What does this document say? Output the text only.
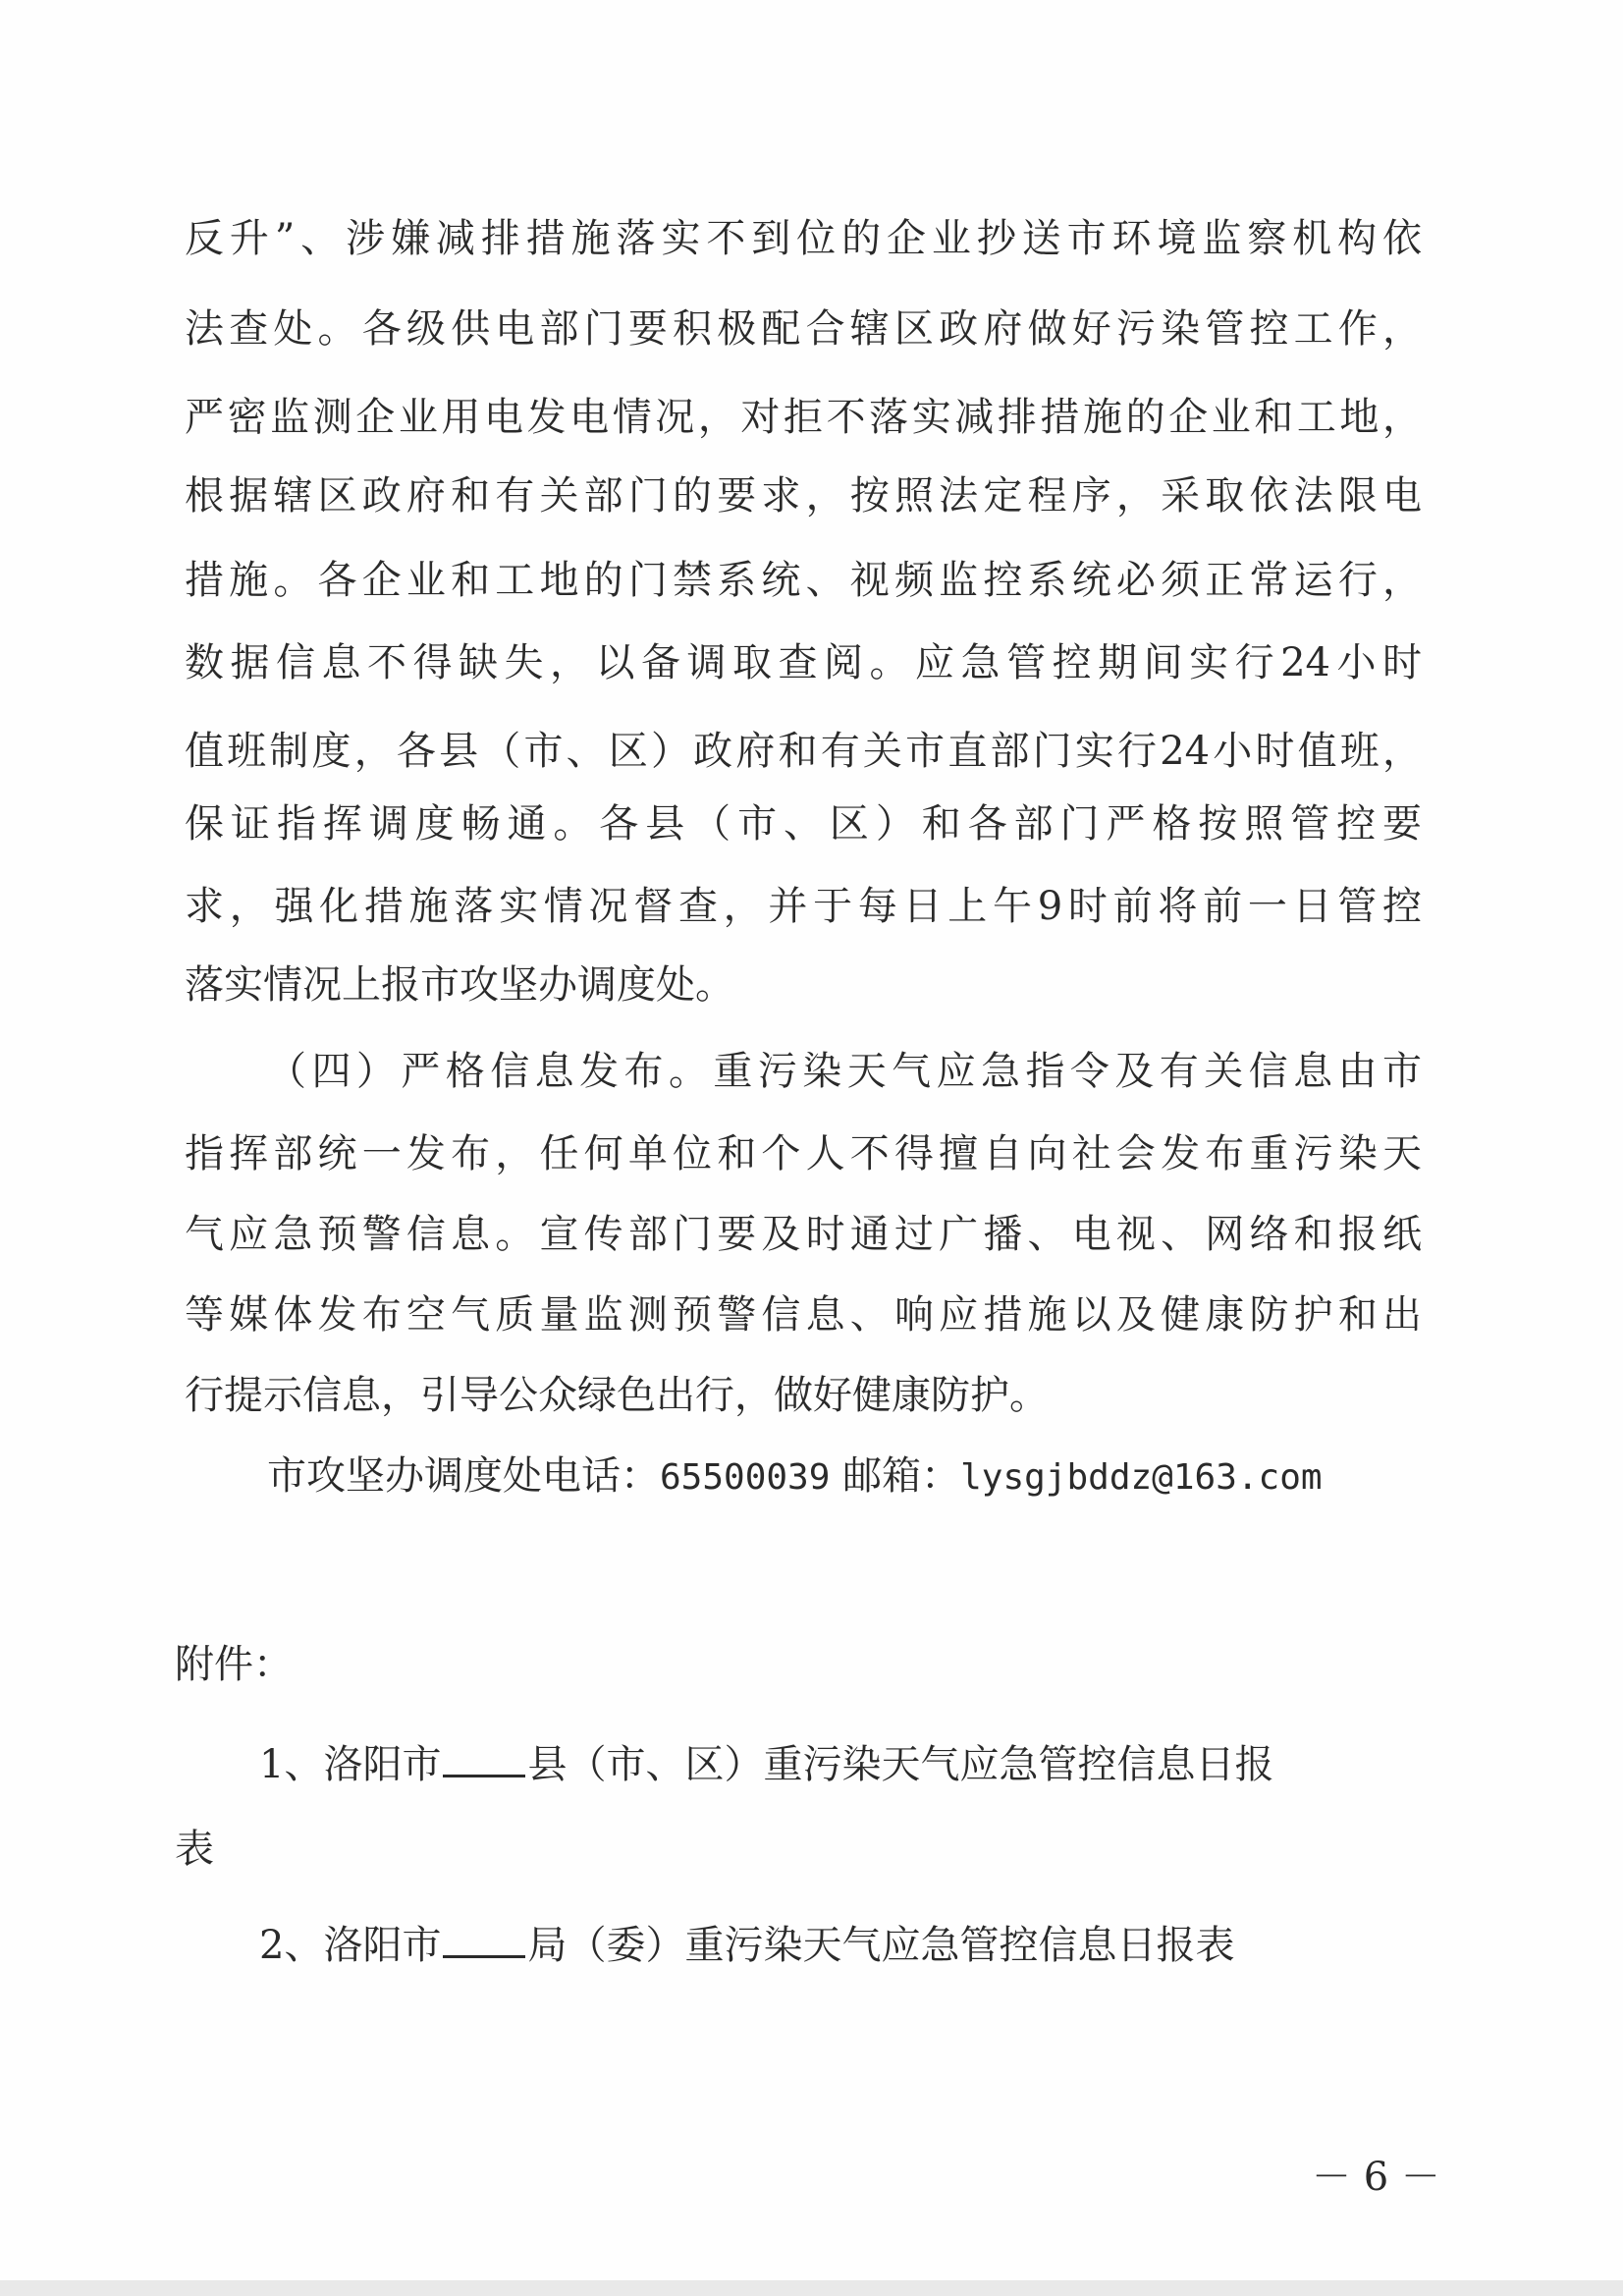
反升”、涉嫌减排措施落实不到位的企业抄送市环境监察机构依
法查处。各级供电部门要积极配合辖区政府做好污染管控工作，
严密监测企业用电发电情况，对拒不落实减排措施的企业和工地，
根据辖区政府和有关部门的要求，按照法定程序，采取依法限电
措施。各企业和工地的门禁系统、视频监控系统必须正常运行，
数据信息不得缺失，以备调取查阅。应急管控期间实行24小时
值班制度，各县（市、区）政府和有关市直部门实行24小时值班，
保证指挥调度畅通。各县（市、区）和各部门严格按照管控要
求，强化措施落实情况督查，并于每日上午9时前将前一日管控
落实情况上报市攻坚办调度处。
（四）严格信息发布。重污染天气应急指令及有关信息由市
指挥部统一发布，任何单位和个人不得擅自向社会发布重污染天
气应急预警信息。宣传部门要及时通过广播、电视、网络和报纸
等媒体发布空气质量监测预警信息、响应措施以及健康防护和出
行提示信息，引导公众绿色出行，做好健康防护。
市攻坚办调度处电话：65500039 邮箱：lysgjbddz@163.com
附件：
1、洛阳市 县（市、区）重污染天气应急管控信息日报
表
2、洛阳市 局（委）重污染天气应急管控信息日报表
－ 6 －
